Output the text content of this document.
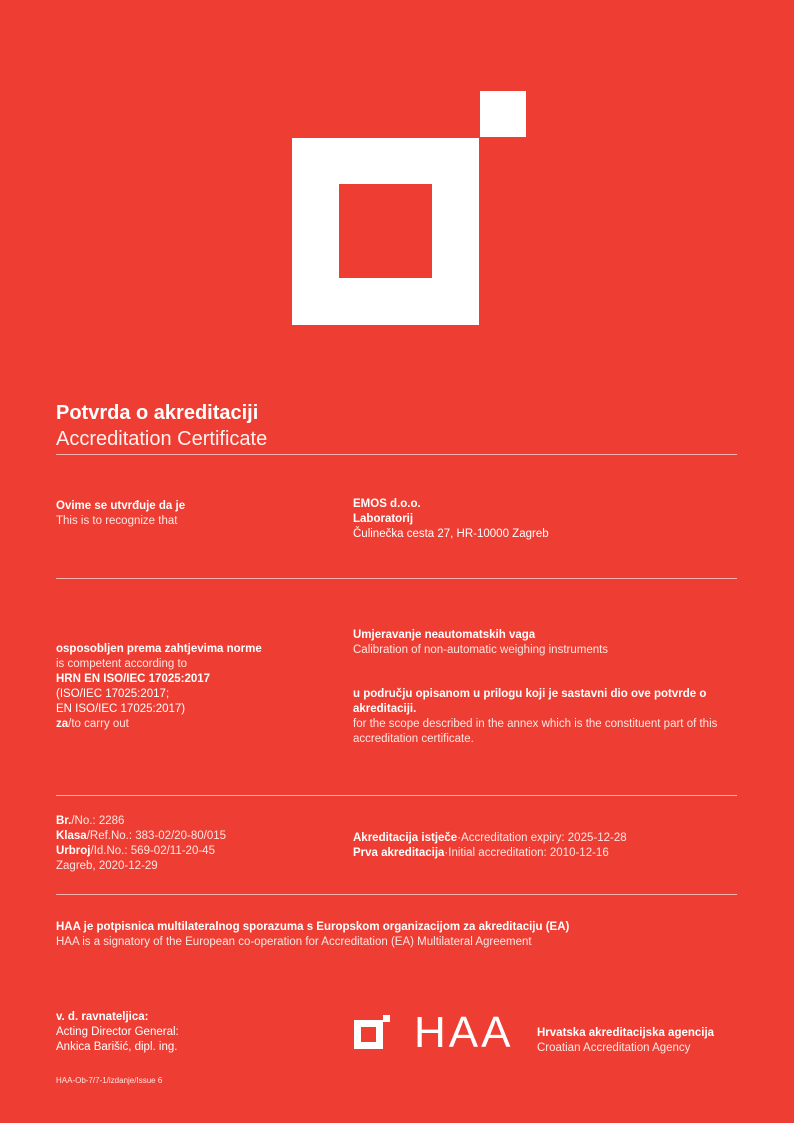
Potvrda o akreditaciji
Accreditation Certificate
Ovime se utvrđuje da je
This is to recognize that
EMOS d.o.o.
Laboratorij
Čulinečka cesta 27, HR-10000 Zagreb
osposobljen prema zahtjevima norme
is competent according to
HRN EN ISO/IEC 17025:2017
(ISO/IEC 17025:2017;
EN ISO/IEC 17025:2017)
za/to carry out
Umjeravanje neautomatskih vaga
Calibration of non-automatic weighing instruments
u području opisanom u prilogu koji je sastavni dio ove potvrde o akreditaciji.
for the scope described in the annex which is the constituent part of this accreditation certificate.
Br./No.: 2286
Klasa/Ref.No.: 383-02/20-80/015
Urbroj/Id.No.: 569-02/11-20-45
Zagreb, 2020-12-29
Akreditacija istječe·Accreditation expiry: 2025-12-28
Prva akreditacija·Initial accreditation: 2010-12-16
HAA je potpisnica multilateralnog sporazuma s Europskom organizacijom za akreditaciju (EA)
HAA is a signatory of the European co-operation for Accreditation (EA) Multilateral Agreement
v. d. ravnateljica:
Acting Director General:
Ankica Barišić, dipl. ing.	HAA Hrvatska akreditacijska agencija
Croatian Accreditation Agency
HAA-Ob-7/7-1/izdanje/Issue 6
